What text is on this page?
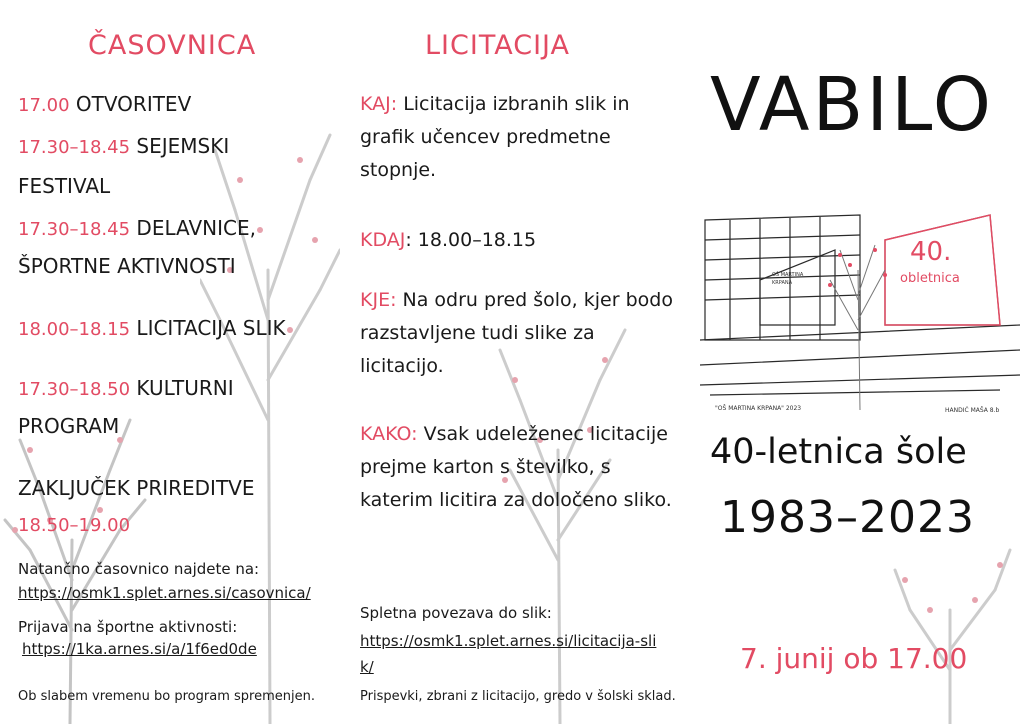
ČASOVNICA
17.00 OTVORITEV
17.30–18.45 SEJEMSKI
FESTIVAL
17.30–18.45 DELAVNICE,
ŠPORTNE AKTIVNOSTI
18.00–18.15 LICITACIJA SLIK
17.30–18.50 KULTURNI
PROGRAM
ZAKLJUČEK PRIREDITVE
18.50–19.00
Natančno časovnico najdete na:
https://osmk1.splet.arnes.si/casovnica/
Prijava na športne aktivnosti:
https://1ka.arnes.si/a/1f6ed0de
Ob slabem vremenu bo program spremenjen.
LICITACIJA
KAJ: Licitacija izbranih slik in grafik učencev predmetne stopnje.
KDAJ: 18.00–18.15
KJE: Na odru pred šolo, kjer bodo razstavljene tudi slike za licitacijo.
KAKO: Vsak udeleženec licitacije prejme karton s številko, s katerim licitira za določeno sliko.
Spletna povezava do slik:
https://osmk1.splet.arnes.si/licitacija-slik/
Prispevki, zbrani z licitacijo, gredo v šolski sklad.
VABILO
40.
obletnica
OŠ MARTINA
KRPANA
"OŠ MARTINA KRPANA" 2023	HANDIĆ MAŠA 8.b
40-letnica šole
1983–2023
7. junij ob 17.00
